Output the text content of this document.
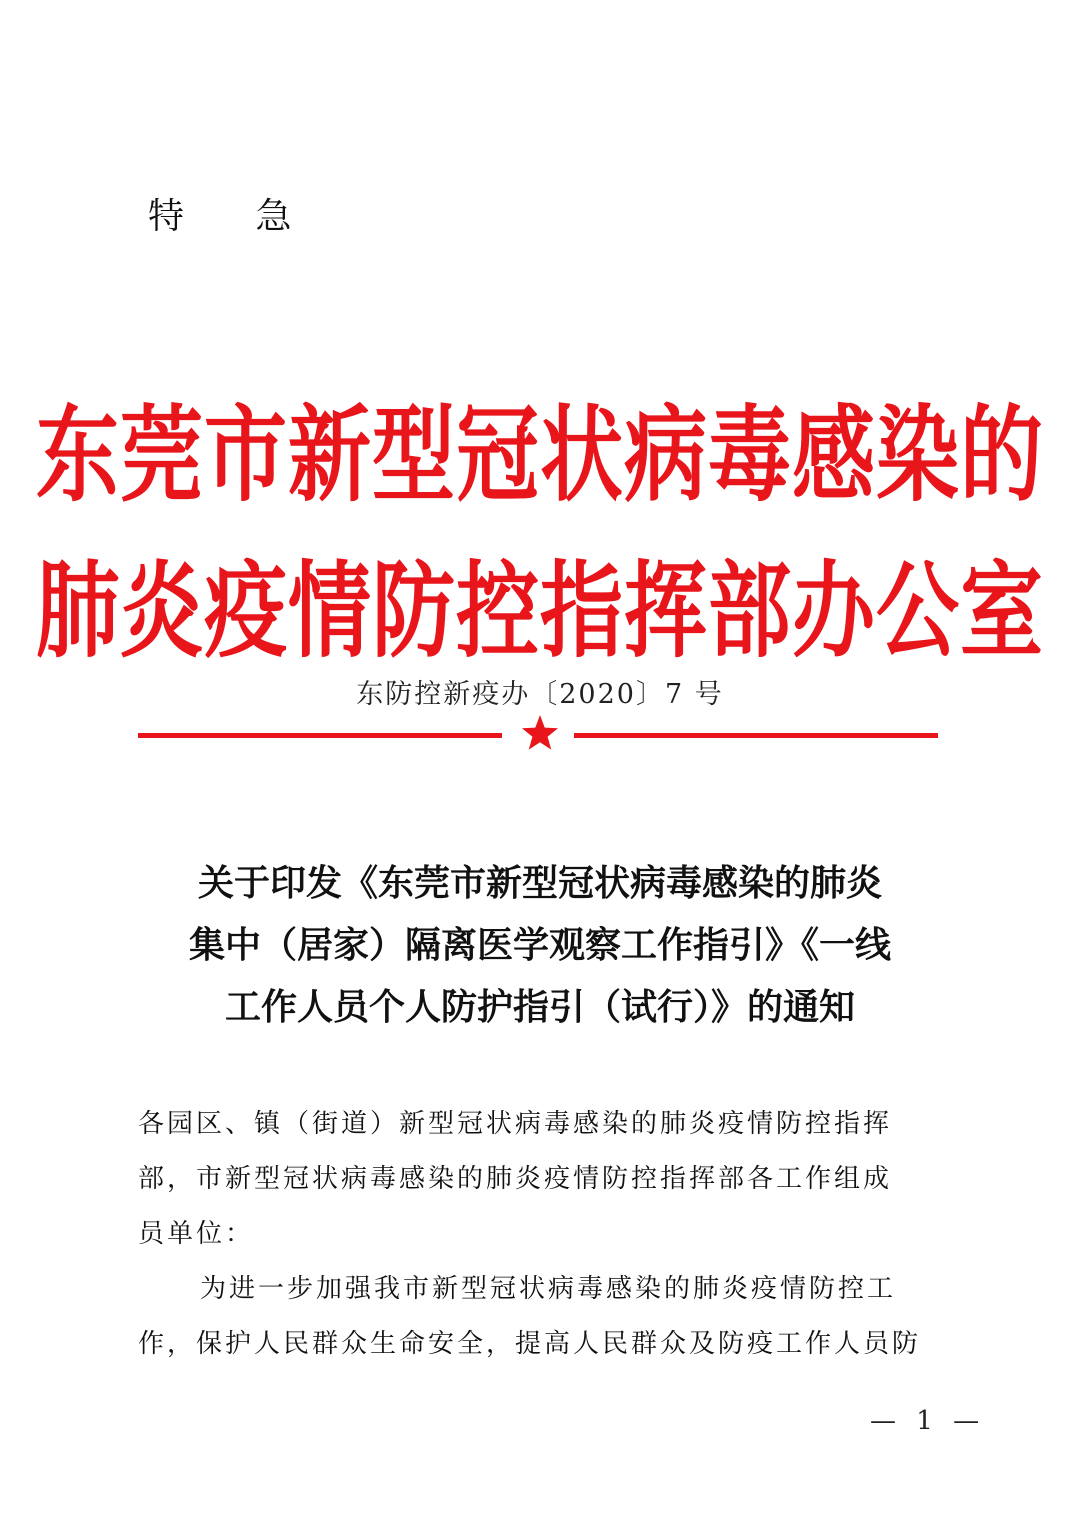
特 急
东莞市新型冠状病毒感染的
肺炎疫情防控指挥部办公室
东防控新疫办〔2020〕7 号
关于印发《东莞市新型冠状病毒感染的肺炎
集中（居家）隔离医学观察工作指引》《一线
工作人员个人防护指引（试行）》的通知
各园区、镇（街道）新型冠状病毒感染的肺炎疫情防控指挥
部，市新型冠状病毒感染的肺炎疫情防控指挥部各工作组成
员单位：
为进一步加强我市新型冠状病毒感染的肺炎疫情防控工
作，保护人民群众生命安全，提高人民群众及防疫工作人员防
— 1 —
